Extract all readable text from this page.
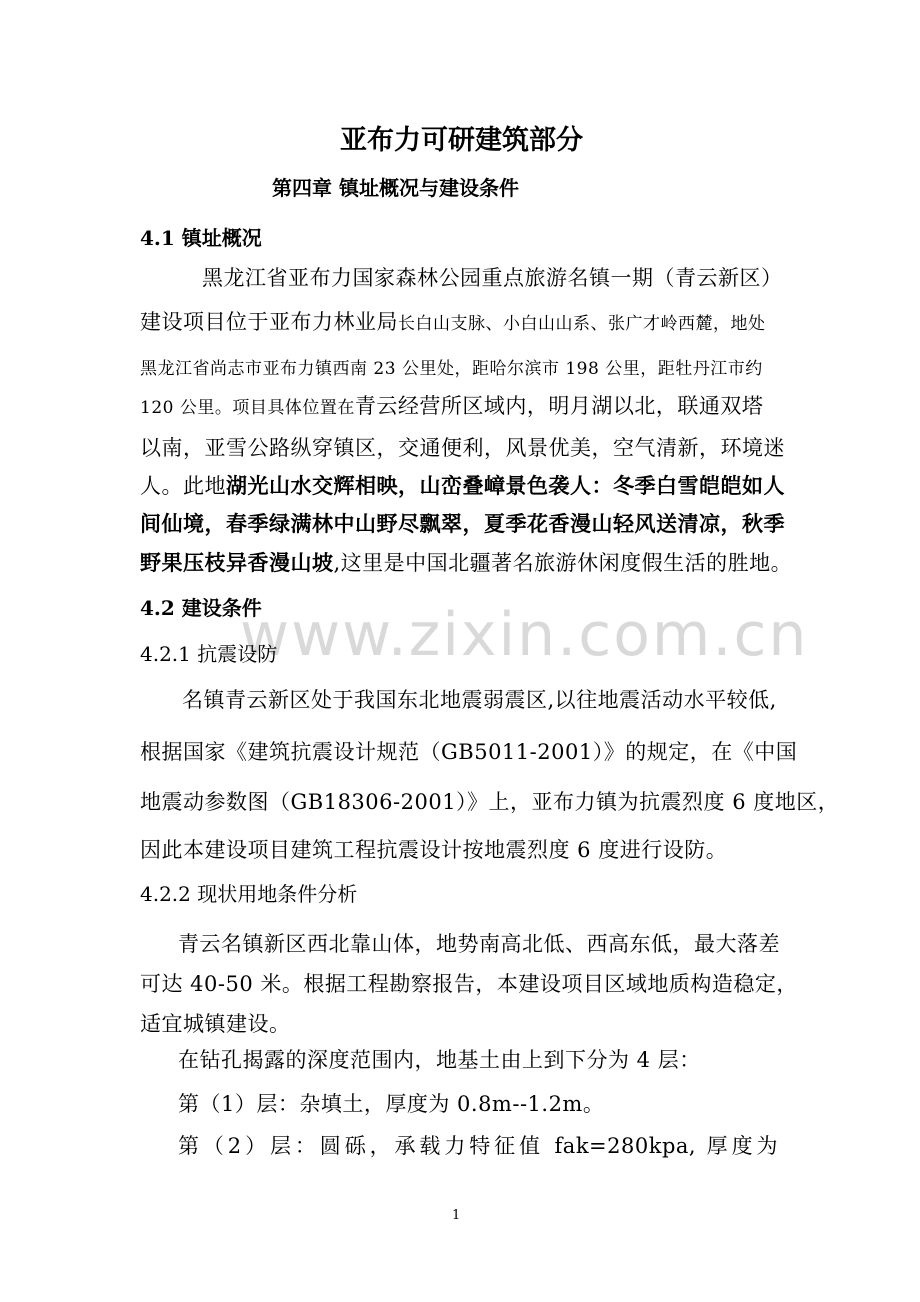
亚布力可研建筑部分
第四章 镇址概况与建设条件
4.1 镇址概况
黑龙江省亚布力国家森林公园重点旅游名镇一期（青云新区）
建设项目位于亚布力林业局长白山支脉、小白山山系、张广才岭西麓，地处
黑龙江省尚志市亚布力镇西南 23 公里处，距哈尔滨市 198 公里，距牡丹江市约
120 公里。项目具体位置在青云经营所区域内，明月湖以北，联通双塔
以南，亚雪公路纵穿镇区，交通便利，风景优美，空气清新，环境迷
人。此地湖光山水交辉相映，山峦叠嶂景色袭人：冬季白雪皑皑如人
间仙境，春季绿满林中山野尽飘翠，夏季花香漫山轻风送清凉，秋季
野果压枝异香漫山坡,这里是中国北疆著名旅游休闲度假生活的胜地。
4.2 建设条件
www.zixin.com.cn
4.2.1 抗震设防
名镇青云新区处于我国东北地震弱震区,以往地震活动水平较低,
根据国家《建筑抗震设计规范（GB5011-2001）》的规定，在《中国
地震动参数图（GB18306-2001）》上，亚布力镇为抗震烈度 6 度地区，
因此本建设项目建筑工程抗震设计按地震烈度 6 度进行设防。
4.2.2 现状用地条件分析
青云名镇新区西北靠山体，地势南高北低、西高东低，最大落差
可达 40-50 米。根据工程勘察报告，本建设项目区域地质构造稳定，
适宜城镇建设。
在钻孔揭露的深度范围内，地基土由上到下分为 4 层：
第（1）层：杂填土，厚度为 0.8m--1.2m。
第（2）层：圆砾，承载力特征值 fak=280kpa, 厚度为
1
